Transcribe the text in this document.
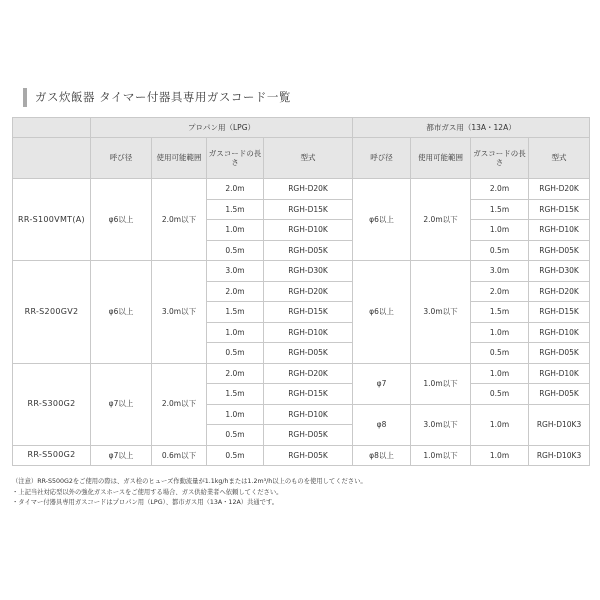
ガス炊飯器 タイマー付器具専用ガスコード一覧
	プロパン用（LPG）				都市ガス用（13A・12A）			
	呼び径	使用可能範囲	ガスコードの長さ	型式	呼び径	使用可能範囲	ガスコードの長さ	型式
RR-S100VMT(A)	φ6以上	2.0m以下	2.0m	RGH-D20K	φ6以上	2.0m以下	2.0m	RGH-D20K
			1.5m	RGH-D15K			1.5m	RGH-D15K
			1.0m	RGH-D10K			1.0m	RGH-D10K
			0.5m	RGH-D05K			0.5m	RGH-D05K
RR-S200GV2	φ6以上	3.0m以下	3.0m	RGH-D30K	φ6以上	3.0m以下	3.0m	RGH-D30K
			2.0m	RGH-D20K			2.0m	RGH-D20K
			1.5m	RGH-D15K			1.5m	RGH-D15K
			1.0m	RGH-D10K			1.0m	RGH-D10K
			0.5m	RGH-D05K			0.5m	RGH-D05K
RR-S300G2	φ7以上	2.0m以下	2.0m	RGH-D20K	φ7	1.0m以下	1.0m	RGH-D10K
			1.5m	RGH-D15K			0.5m	RGH-D05K
			1.0m	RGH-D10K	φ8	3.0m以下	1.0m	RGH-D10K3
			0.5m	RGH-D05K				
RR-S500G2	φ7以上	0.6m以下	0.5m	RGH-D05K	φ8以上	1.0m以下	1.0m	RGH-D10K3
（注意）RR-S500G2をご使用の際は、ガス栓のヒューズ作動流量が1.1kg/hまたは1.2m³/h以上のものを使用してください。
・上記当社対応型以外の強化ガスホースをご使用する場合、ガス供給業者へ依頼してください。
・タイマー付器具専用ガスコードはプロパン用（LPG）、都市ガス用（13A・12A）共通です。
